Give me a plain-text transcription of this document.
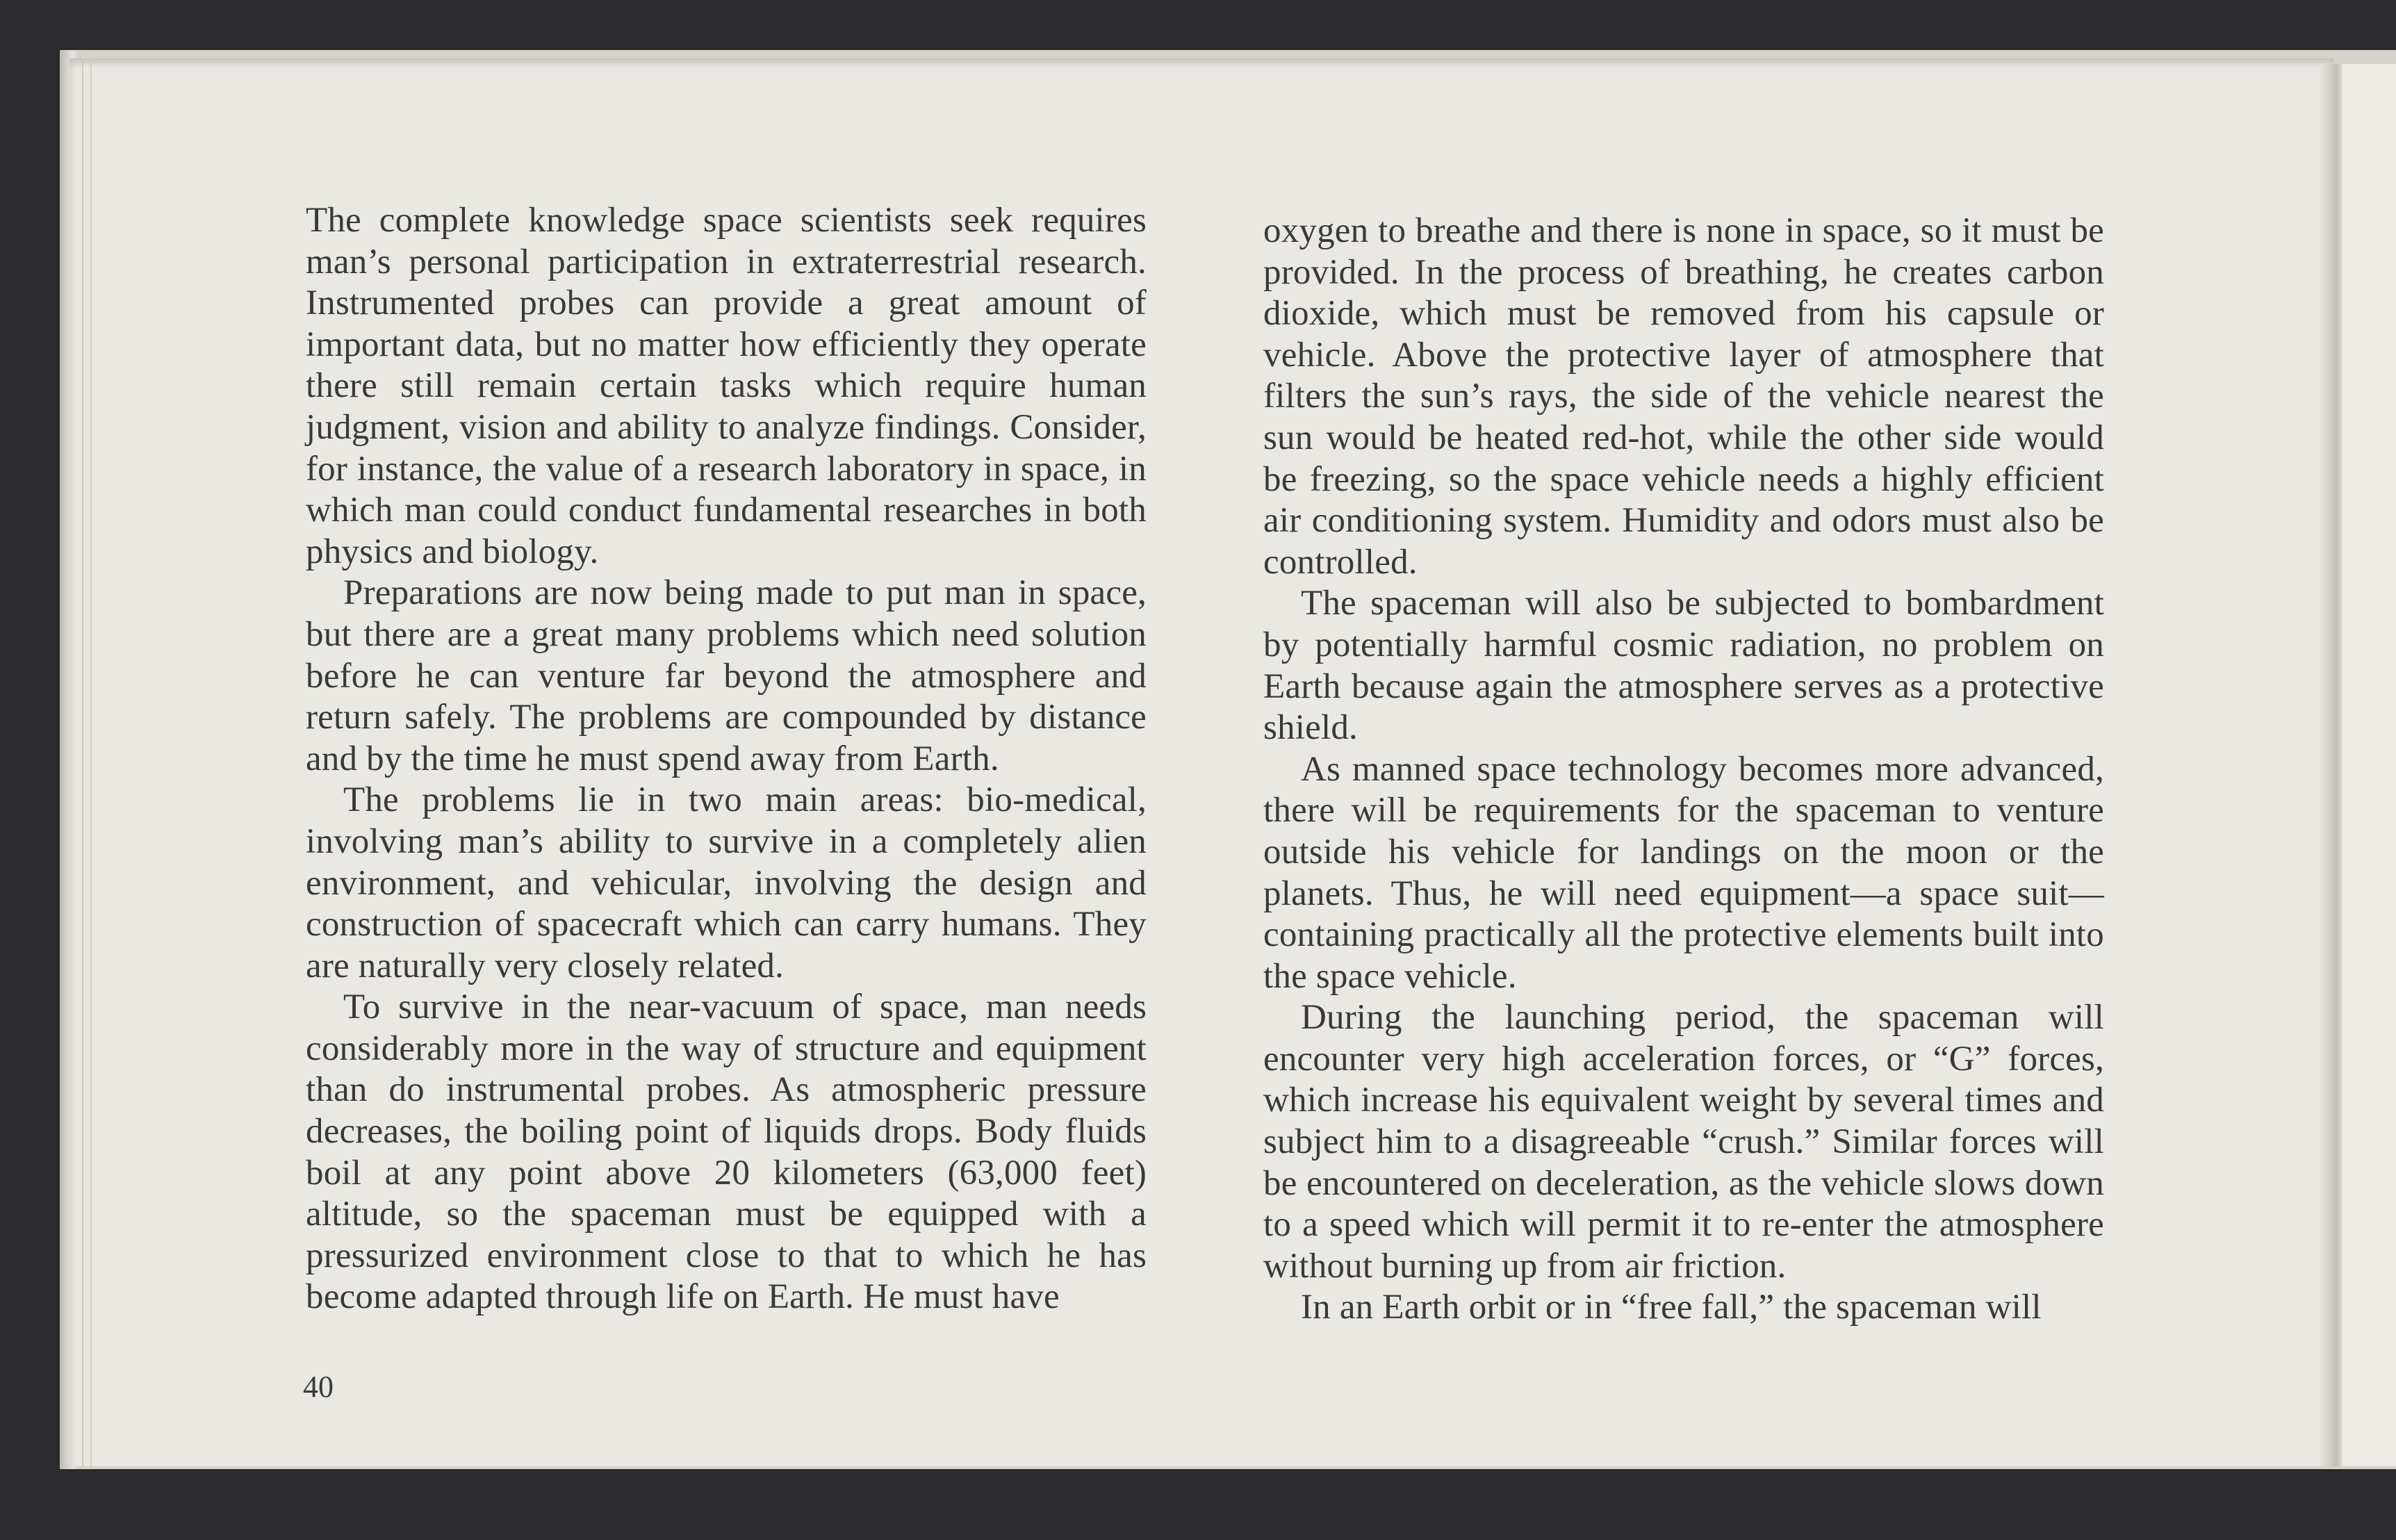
The complete knowledge space scientists seek requires man’s personal participation in extraterrestrial research. Instrumented probes can provide a great amount of important data, but no matter how efficiently they operate there still remain certain tasks which require human judgment, vision and ability to analyze findings. Consider, for instance, the value of a research laboratory in space, in which man could conduct fundamental researches in both physics and biology.

Preparations are now being made to put man in space, but there are a great many problems which need solution before he can venture far beyond the atmosphere and return safely. The problems are compounded by distance and by the time he must spend away from Earth.

The problems lie in two main areas: bio-medical, involving man’s ability to survive in a completely alien environment, and vehicular, involving the design and construction of spacecraft which can carry humans. They are naturally very closely related.

To survive in the near-vacuum of space, man needs considerably more in the way of structure and equipment than do instrumental probes. As atmospheric pressure decreases, the boiling point of liquids drops. Body fluids boil at any point above 20 kilometers (63,000 feet) altitude, so the spaceman must be equipped with a pressurized environment close to that to which he has become adapted through life on Earth. He must have

oxygen to breathe and there is none in space, so it must be provided. In the process of breathing, he creates carbon dioxide, which must be removed from his capsule or vehicle. Above the protective layer of atmosphere that filters the sun’s rays, the side of the vehicle nearest the sun would be heated red-hot, while the other side would be freezing, so the space vehicle needs a highly efficient air conditioning system. Humidity and odors must also be controlled.

The spaceman will also be subjected to bombardment by potentially harmful cosmic radiation, no problem on Earth because again the atmosphere serves as a protective shield.

As manned space technology becomes more advanced, there will be requirements for the spaceman to venture outside his vehicle for landings on the moon or the planets. Thus, he will need equipment—a space suit— containing practically all the protective elements built into the space vehicle.

During the launching period, the spaceman will encounter very high acceleration forces, or “G” forces, which increase his equivalent weight by several times and subject him to a disagreeable “crush.” Similar forces will be encountered on deceleration, as the vehicle slows down to a speed which will permit it to re-enter the atmosphere without burning up from air friction.

In an Earth orbit or in “free fall,” the spaceman will

40
